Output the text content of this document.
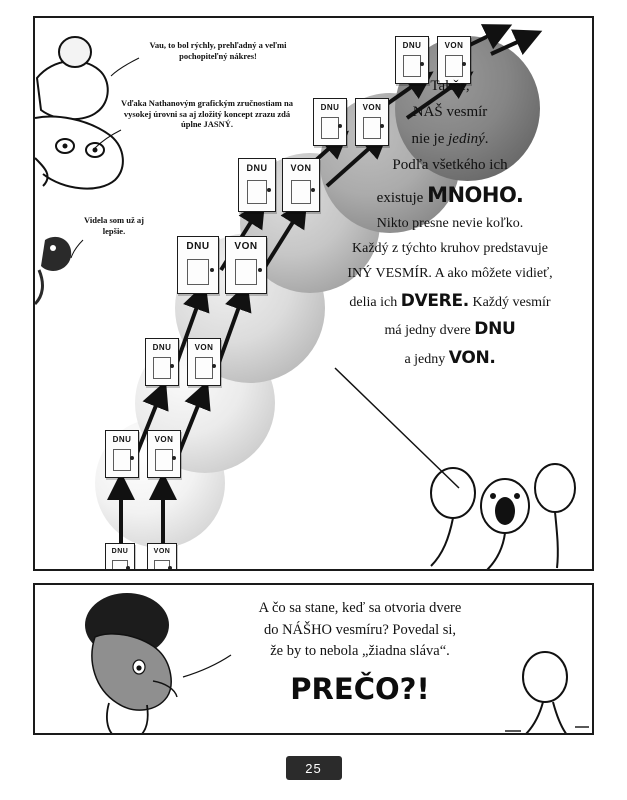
DNU	VON
DNU	VON
DNU	VON
DNU	VON
DNU	VON
DNU	VON
DNU	VON
Vau, to bol rýchly, prehľadný a veľmi pochopiteľný nákres!
Vďaka Nathanovým grafickým zručnostiam na vysokej úrovni sa aj zložitý koncept zrazu zdá úplne JASNÝ.
Videla som už aj lepšie.
Takže,
NÁŠ vesmír
nie je jediný.
Podľa všetkého ich
existuje MNOHO.
Nikto presne nevie koľko.
Každý z týchto kruhov predstavuje
INÝ VESMÍR. A ako môžete vidieť,
delia ich DVERE. Každý vesmír
má jedny dvere DNU
a jedny VON.
A čo sa stane, keď sa otvoria dvere
do NÁŠHO vesmíru? Povedal si,
že by to nebola „žiadna sláva“.
PREČO?!
25
